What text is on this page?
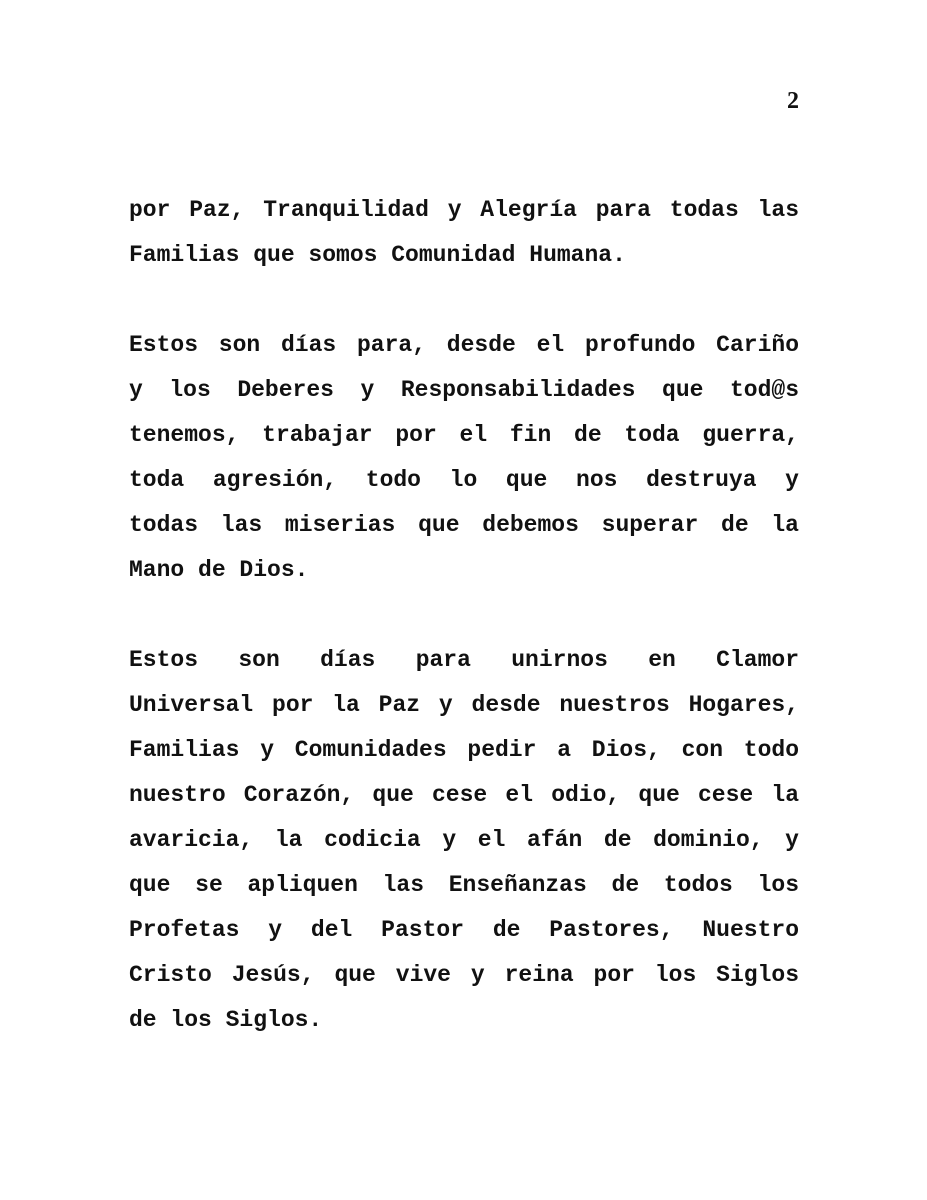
2
por Paz, Tranquilidad y Alegría para todas las
Familias que somos Comunidad Humana.
Estos son días para, desde el profundo Cariño
y los Deberes y Responsabilidades que tod@s
tenemos, trabajar por el fin de toda guerra,
toda agresión, todo lo que nos destruya y
todas las miserias que debemos superar de la
Mano de Dios.
Estos son días para unirnos en Clamor
Universal por la Paz y desde nuestros Hogares,
Familias y Comunidades pedir a Dios, con todo
nuestro Corazón, que cese el odio, que cese la
avaricia, la codicia y el afán de dominio, y
que se apliquen las Enseñanzas de todos los
Profetas y del Pastor de Pastores, Nuestro
Cristo Jesús, que vive y reina por los Siglos
de los Siglos.
